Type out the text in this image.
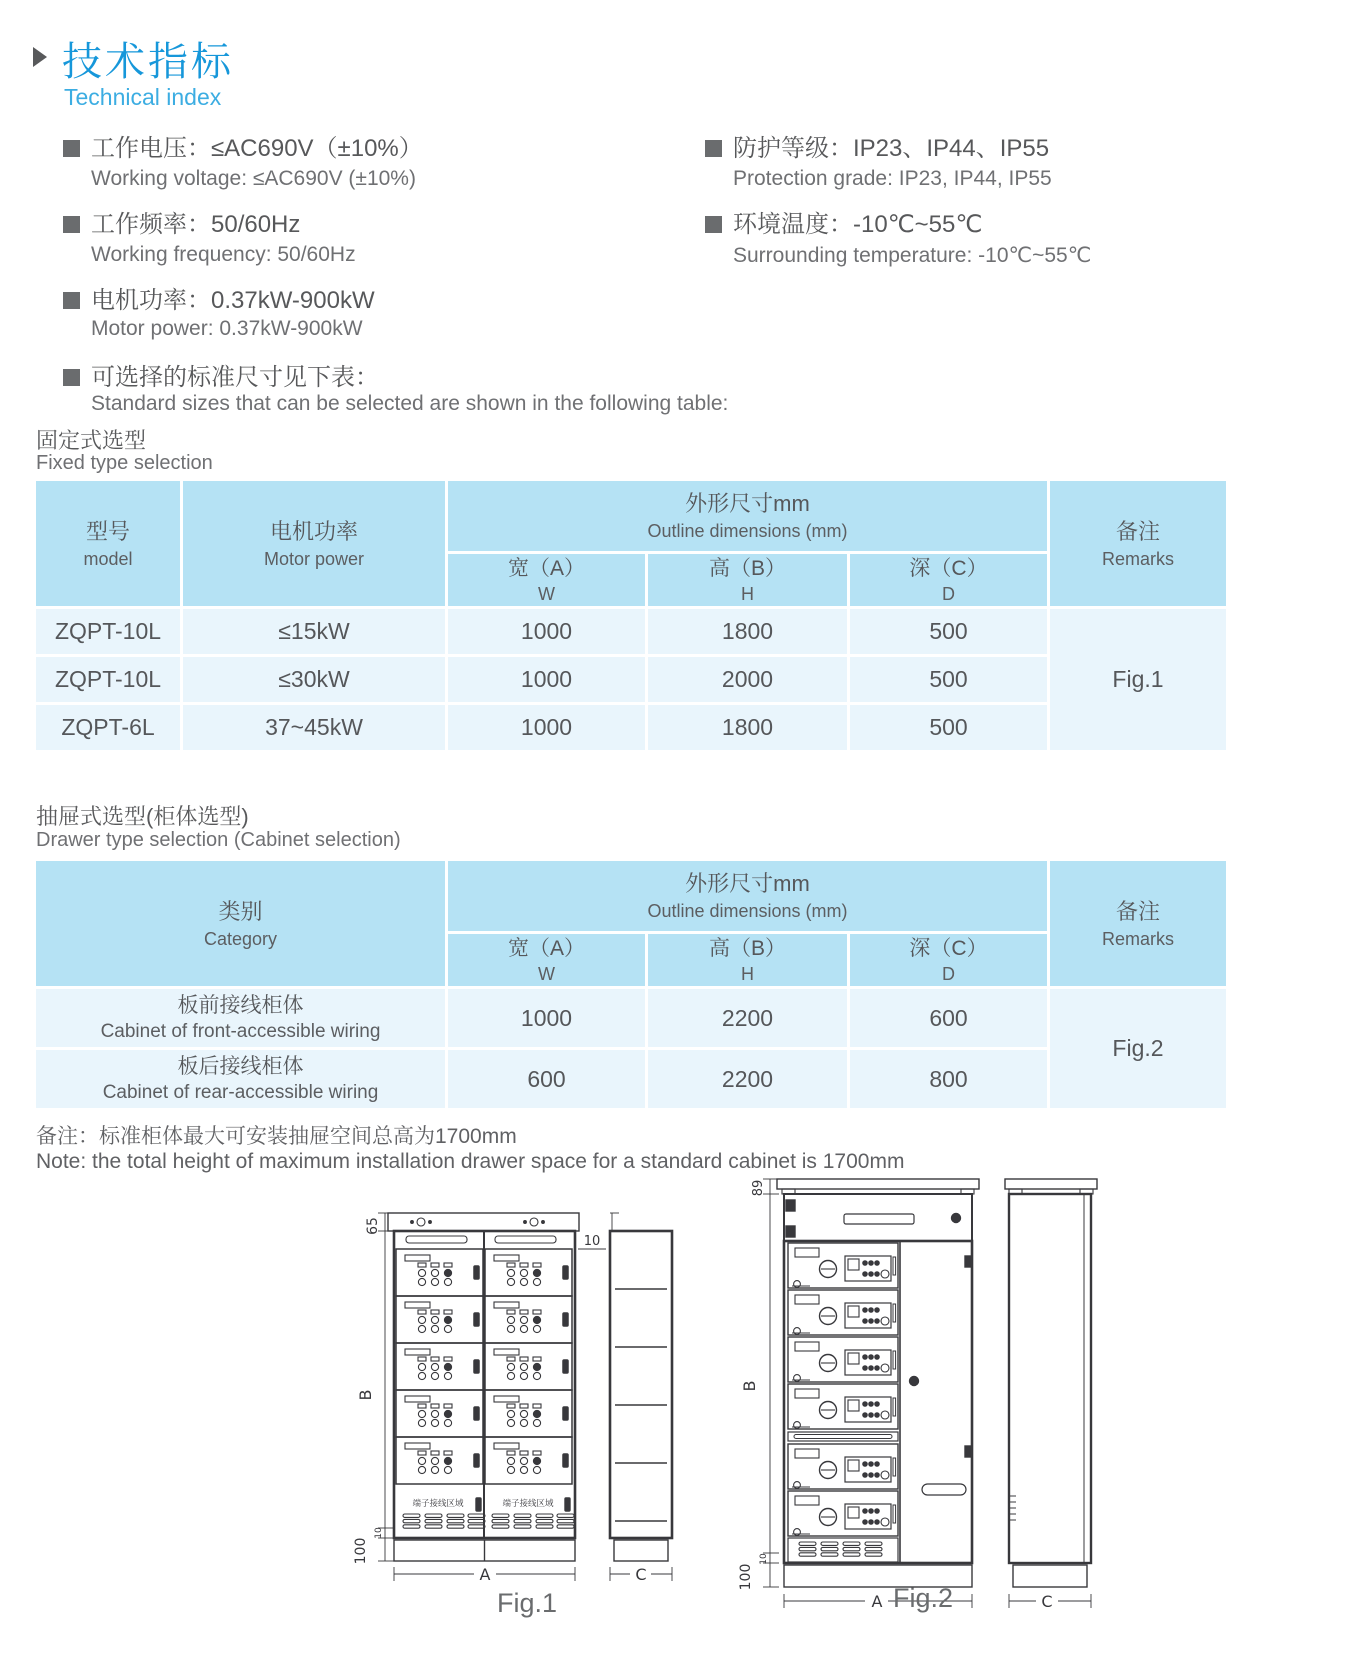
技术指标
Technical index
工作电压：≤AC690V（±10%）
Working voltage: ≤AC690V (±10%)
工作频率：50/60Hz
Working frequency: 50/60Hz
电机功率：0.37kW-900kW
Motor power: 0.37kW-900kW
防护等级：IP23、IP44、IP55
Protection grade: IP23, IP44, IP55
环境温度：-10℃~55℃
Surrounding temperature: -10℃~55℃
可选择的标准尺寸见下表：
Standard sizes that can be selected are shown in the following table:
固定式选型
Fixed type selection
型号
model

电机功率
Motor power

外形尺寸mm
Outline dimensions (mm)	备注
Remarks

宽（A）
W

高（B）
H

深（C）
D

ZQPT-10L	≤15kW	1000	1800	500	Fig.1
ZQPT-10L	≤30kW	1000	2000	500	
ZQPT-6L	37~45kW	1000	1800	500	
抽屉式选型(柜体选型)
Drawer type selection (Cabinet selection)
类别
Category

外形尺寸mm
Outline dimensions (mm)	备注
Remarks

宽（A）
W

高（B）
H

深（C）
D

板前接线柜体
Cabinet of front-accessible wiring	1000	2200	600	Fig.2

板后接线柜体
Cabinet of rear-accessible wiring	600	2200	800	
备注：标准柜体最大可安装抽屉空间总高为1700mm
Note: the total height of maximum installation drawer space for a standard cabinet is 1700mm
65
10
B
10
100
A	C
端子接线区域	端子接线区域
Fig.1
89
B
10
100
A	C
Fig.2
